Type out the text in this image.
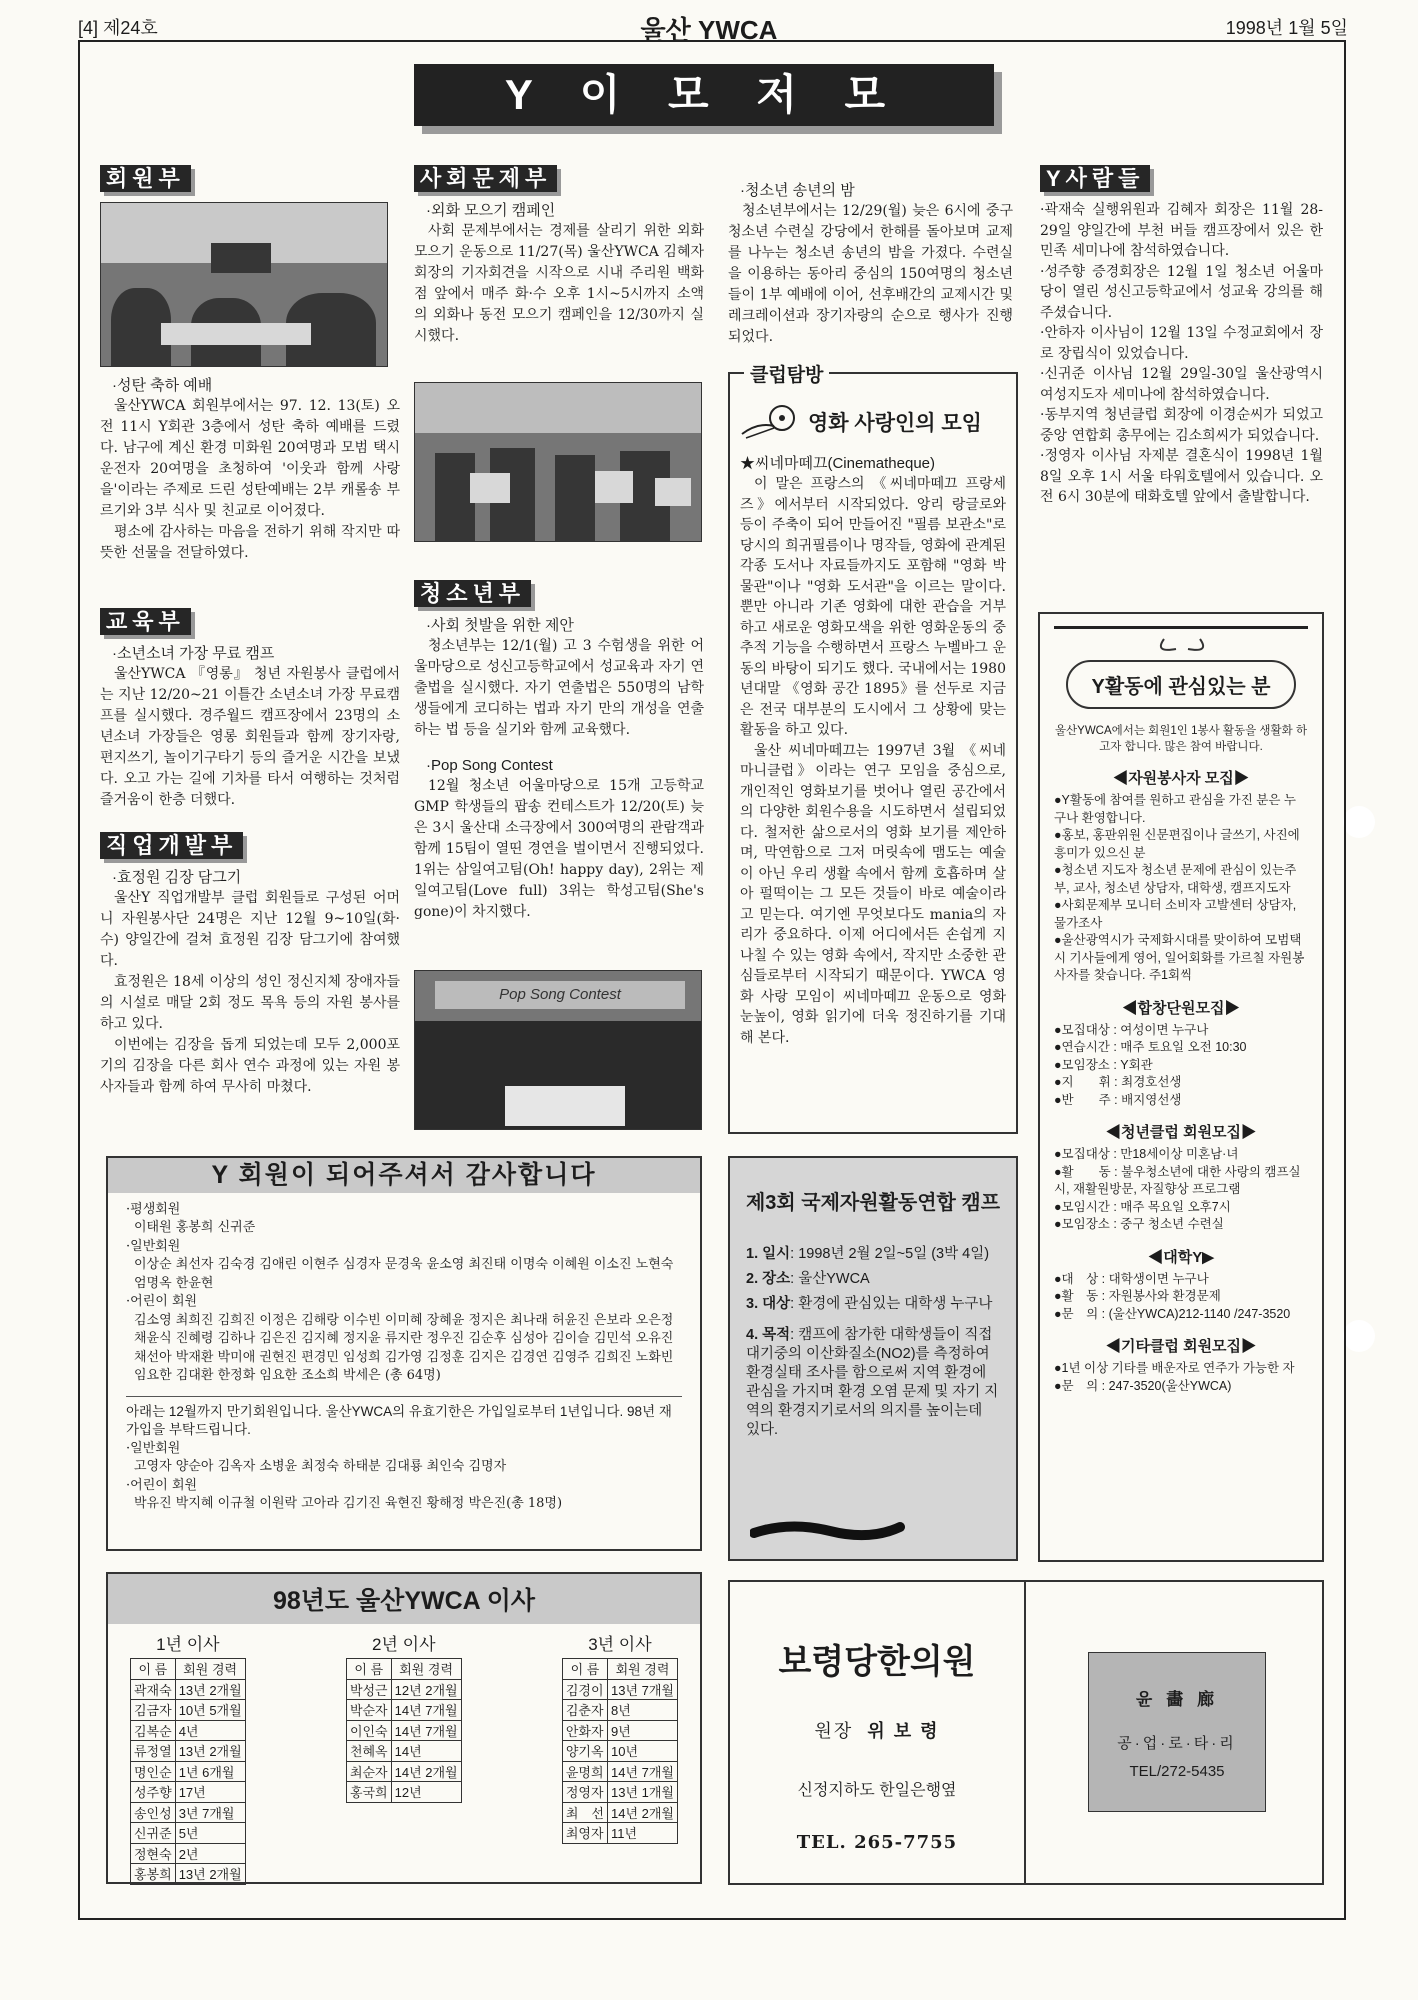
[4] 제24호	울산 YWCA	1998년 1월 5일
Y 이 모 저 모
회원부

·성탄 축하 예배

울산YWCA 회원부에서는 97. 12. 13(토) 오전 11시 Y회관 3층에서 성탄 축하 예배를 드렸다. 남구에 계신 환경 미화원 20여명과 모범 택시 운전자 20여명을 초청하여 '이웃과 함께 사랑을'이라는 주제로 드린 성탄예배는 2부 캐롤송 부르기와 3부 식사 및 친교로 이어졌다.

평소에 감사하는 마음을 전하기 위해 작지만 따뜻한 선물을 전달하였다.

교육부

·소년소녀 가장 무료 캠프

울산YWCA 『영롱』 청년 자원봉사 클럽에서는 지난 12/20~21 이틀간 소년소녀 가장 무료캠프를 실시했다. 경주월드 캠프장에서 23명의 소년소녀 가장들은 영롱 회원들과 함께 장기자랑, 편지쓰기, 놀이기구타기 등의 즐거운 시간을 보냈다. 오고 가는 길에 기차를 타서 여행하는 것처럼 즐거움이 한층 더했다.

직업개발부

·효정원 김장 담그기

울산Y 직업개발부 클럽 회원들로 구성된 어머니 자원봉사단 24명은 지난 12월 9~10일(화·수) 양일간에 걸쳐 효정원 김장 담그기에 참여했다.

효정원은 18세 이상의 성인 정신지체 장애자들의 시설로 매달 2회 정도 목욕 등의 자원 봉사를 하고 있다.

이번에는 김장을 돕게 되었는데 모두 2,000포기의 김장을 다른 회사 연수 과정에 있는 자원 봉사자들과 함께 하여 무사히 마쳤다.

사회문제부

·외화 모으기 캠페인

사회 문제부에서는 경제를 살리기 위한 외화 모으기 운동으로 11/27(목) 울산YWCA 김혜자 회장의 기자회견을 시작으로 시내 주리원 백화점 앞에서 매주 화·수 오후 1시~5시까지 소액의 외화나 동전 모으기 캠페인을 12/30까지 실시했다.

청소년부

·사회 첫발을 위한 제안

청소년부는 12/1(월) 고 3 수험생을 위한 어울마당으로 성신고등학교에서 성교육과 자기 연출법을 실시했다. 자기 연출법은 550명의 남학생들에게 코디하는 법과 자기 만의 개성을 연출하는 법 등을 실기와 함께 교육했다.

·Pop Song Contest

12월 청소년 어울마당으로 15개 고등학교 GMP 학생들의 팝송 컨테스트가 12/20(토) 늦은 3시 울산대 소극장에서 300여명의 관람객과 함께 15팀이 열띤 경연을 벌이면서 진행되었다. 1위는 삼일여고팀(Oh! happy day), 2위는 제일여고팀(Love full) 3위는 학성고팀(She's gone)이 차지했다.

Pop Song Contest

·청소년 송년의 밤

청소년부에서는 12/29(월) 늦은 6시에 중구 청소년 수련실 강당에서 한해를 돌아보며 교제를 나누는 청소년 송년의 밤을 가졌다. 수련실을 이용하는 동아리 중심의 150여명의 청소년들이 1부 예배에 이어, 선후배간의 교제시간 및 레크레이션과 장기자랑의 순으로 행사가 진행되었다.

클럽탐방
영화 사랑인의 모임

★씨네마떼끄(Cinematheque)

이 말은 프랑스의 《씨네마떼끄 프랑세즈》에서부터 시작되었다. 앙리 랑글로와 등이 주축이 되어 만들어진 "필름 보관소"로 당시의 희귀필름이나 명작들, 영화에 관계된 각종 도서나 자료들까지도 포함해 "영화 박물관"이나 "영화 도서관"을 이르는 말이다. 뿐만 아니라 기존 영화에 대한 관습을 거부하고 새로운 영화모색을 위한 영화운동의 중추적 기능을 수행하면서 프랑스 누벨바그 운동의 바탕이 되기도 했다. 국내에서는 1980년대말 《영화 공간 1895》를 선두로 지금은 전국 대부분의 도시에서 그 상황에 맞는 활동을 하고 있다.

울산 씨네마떼끄는 1997년 3월 《씨네마니클럽》이라는 연구 모임을 중심으로, 개인적인 영화보기를 벗어나 열린 공간에서의 다양한 회원수용을 시도하면서 설립되었다. 철저한 삶으로서의 영화 보기를 제안하며, 막연함으로 그저 머릿속에 맴도는 예술이 아닌 우리 생활 속에서 함께 호흡하며 살아 펄떡이는 그 모든 것들이 바로 예술이라고 믿는다. 여기엔 무엇보다도 mania의 자리가 중요하다. 이제 어디에서든 손쉽게 지나칠 수 있는 영화 속에서, 작지만 소중한 관심들로부터 시작되기 때문이다. YWCA 영화 사랑 모임이 씨네마떼끄 운동으로 영화 눈높이, 영화 읽기에 더욱 정진하기를 기대해 본다.

Y사람들

·곽재숙 실행위원과 김혜자 회장은 11월 28-29일 양일간에 부천 버들 캠프장에서 있은 한민족 세미나에 참석하였습니다.

·성주향 증경회장은 12월 1일 청소년 어울마당이 열린 성신고등학교에서 성교육 강의를 해주셨습니다.

·안하자 이사님이 12월 13일 수정교회에서 장로 장립식이 있었습니다.

·신귀준 이사님 12월 29일-30일 울산광역시 여성지도자 세미나에 참석하였습니다.

·동부지역 청년클럽 회장에 이경순씨가 되었고 중앙 연합회 총무에는 김소희씨가 되었습니다.

·정영자 이사님 자제분 결혼식이 1998년 1월 8일 오후 1시 서울 타워호텔에서 있습니다. 오전 6시 30분에 태화호텔 앞에서 출발합니다.

Y활동에 관심있는 분

울산YWCA에서는 회원1인 1봉사 활동을 생활화 하고자 합니다. 많은 참여 바랍니다.

◀자원봉사자 모집▶
●Y활동에 참여를 원하고 관심을 가진 분은 누구나 환영합니다.
●홍보, 홍판위원 신문편집이나 글쓰기, 사진에 흥미가 있으신 분
●청소년 지도자 청소년 문제에 관심이 있는주부, 교사, 청소년 상담자, 대학생, 캠프지도자
●사회문제부 모니터 소비자 고발센터 상담자, 물가조사
●울산광역시가 국제화시대를 맞이하여 모범택시 기사들에게 영어, 일어회화를 가르칠 자원봉사자를 찾습니다. 주1회씩
◀합창단원모집▶
●모집대상 : 여성이면 누구나
●연습시간 : 매주 토요일 오전 10:30
●모임장소 : Y회관
●지　　휘 : 최경호선생
●반　　주 : 배지영선생
◀청년클럽 회원모집▶
●모집대상 : 만18세이상 미혼남·녀
●활　　동 : 불우청소년에 대한 사랑의 캠프실시, 재활원방문, 자질향상 프로그램
●모임시간 : 매주 목요일 오후7시
●모임장소 : 중구 청소년 수련실
◀대학Y▶
●대　상 : 대학생이면 누구나
●활　동 : 자원봉사와 환경문제
●문　의 : (울산YWCA)212-1140 /247-3520
◀기타클럽 회원모집▶
●1년 이상 기타를 배운자로 연주가 가능한 자
●문　의 : 247-3520(울산YWCA)
Y 회원이 되어주셔서 감사합니다
·평생회원
이태원 홍봉희 신귀준
·일반회원
이상순 최선자 김숙경 김애린 이현주 심경자 문경욱 윤소영 최진태 이명숙 이혜원 이소진 노현숙 엄명옥 한윤현
·어린이 회원
김소영 최희진 김희진 이정은 김해랑 이수빈 이미혜 장혜윤 정지은 최나래 허윤진 은보라 오은정 채윤식 진혜령 김하나 김은진 김지혜 정지윤 류지란 정우진 김순후 심성아 김이슬 김민석 오유진 채선아 박재환 박미애 권현진 편경민 임성희 김가영 김정훈 김지은 김경연 김영주 김희진 노화빈 임요한 김대환 한정화 임요한 조소희 박세은 (총 64명)
아래는 12월까지 만기회원입니다. 울산YWCA의 유효기한은 가입일로부터 1년입니다. 98년 재가입을 부탁드립니다.
·일반회원
고영자 양순아 김옥자 소병윤 최정숙 하태분 김대룡 최인숙 김명자
·어린이 회원
박유진 박지혜 이규철 이원락 고아라 김기진 육현진 황해정 박은진(총 18명)
제3회 국제자원활동연합 캠프
1. 일시: 1998년 2월 2일~5일 (3박 4일)
2. 장소: 울산YWCA
3. 대상: 환경에 관심있는 대학생 누구나
4. 목적: 캠프에 참가한 대학생들이 직접 대기중의 이산화질소(NO2)를 측정하여 환경실태 조사를 함으로써 지역 환경에 관심을 가지며 환경 오염 문제 및 자기 지역의 환경지기로서의 의지를 높이는데 있다.
98년도 울산YWCA 이사
1년 이사
이 름	회원 경력
곽재숙	13년 2개월
김금자	10년 5개월
김복순	4년
류정열	13년 2개월
명인순	1년 6개월
성주향	17년
송인성	3년 7개월
신귀준	5년
정현숙	2년
홍봉희	13년 2개월
2년 이사
이 름	회원 경력
박성근	12년 2개월
박순자	14년 7개월
이인숙	14년 7개월
천혜옥	14년
최순자	14년 2개월
홍국희	12년
3년 이사
이 름	회원 경력
김경이	13년 7개월
김춘자	8년
안화자	9년
양기옥	10년
윤명희	14년 7개월
정영자	13년 1개월
최　선	14년 2개월
최영자	11년
보령당한의원
원장 위 보 령
신정지하도 한일은행옆
TEL. 265-7755
윤 畵 廊
공·업·로·타·리
TEL/272-5435
